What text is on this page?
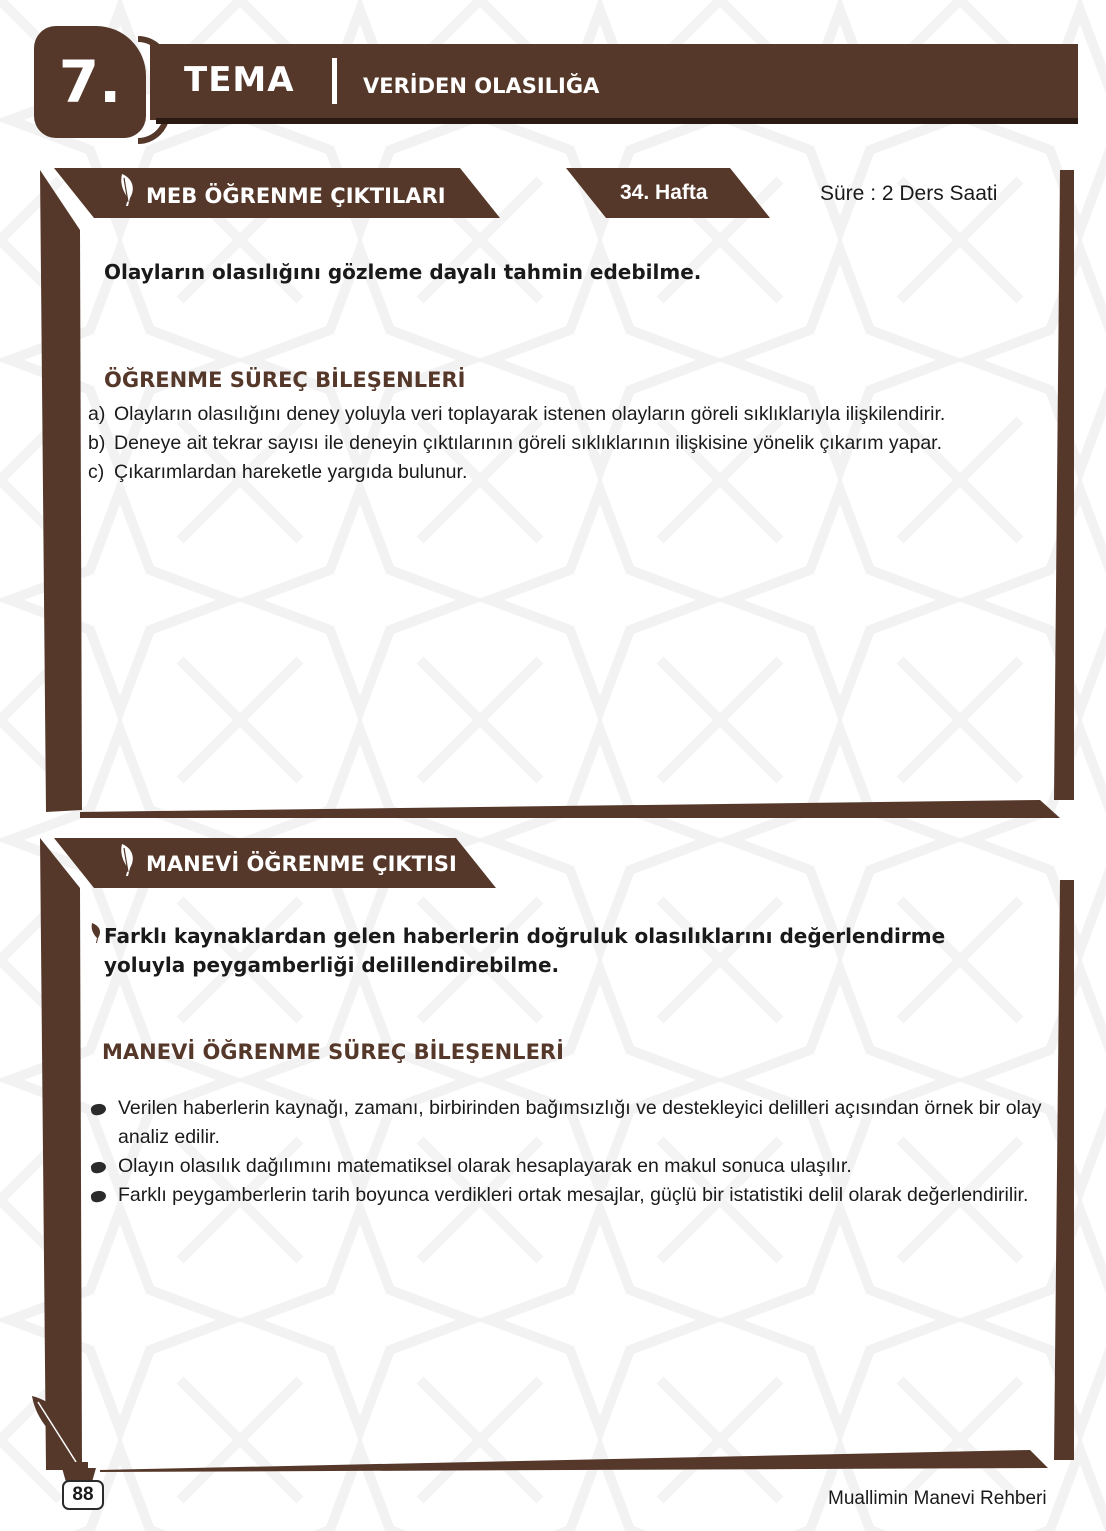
7.	TEMA	VERİDEN OLASILIĞA
MEB ÖĞRENME ÇIKTILARI	34. Hafta	Süre : 2 Ders Saati
Olayların olasılığını gözleme dayalı tahmin edebilme.
ÖĞRENME SÜREÇ BİLEŞENLERİ
a) Olayların olasılığını deney yoluyla veri toplayarak istenen olayların göreli sıklıklarıyla ilişkilendirir.
b) Deneye ait tekrar sayısı ile deneyin çıktılarının göreli sıklıklarının ilişkisine yönelik çıkarım yapar.
c) Çıkarımlardan hareketle yargıda bulunur.
MANEVİ ÖĞRENME ÇIKTISI
Farklı kaynaklardan gelen haberlerin doğruluk olasılıklarını değerlendirme
yoluyla peygamberliği delillendirebilme.
MANEVİ ÖĞRENME SÜREÇ BİLEŞENLERİ
Verilen haberlerin kaynağı, zamanı, birbirinden bağımsızlığı ve destekleyici delilleri açısından örnek bir olay analiz edilir.
Olayın olasılık dağılımını matematiksel olarak hesaplayarak en makul sonuca ulaşılır.
Farklı peygamberlerin tarih boyunca verdikleri ortak mesajlar, güçlü bir istatistiki delil olarak değerlendirilir.
88	Muallimin Manevi Rehberi
